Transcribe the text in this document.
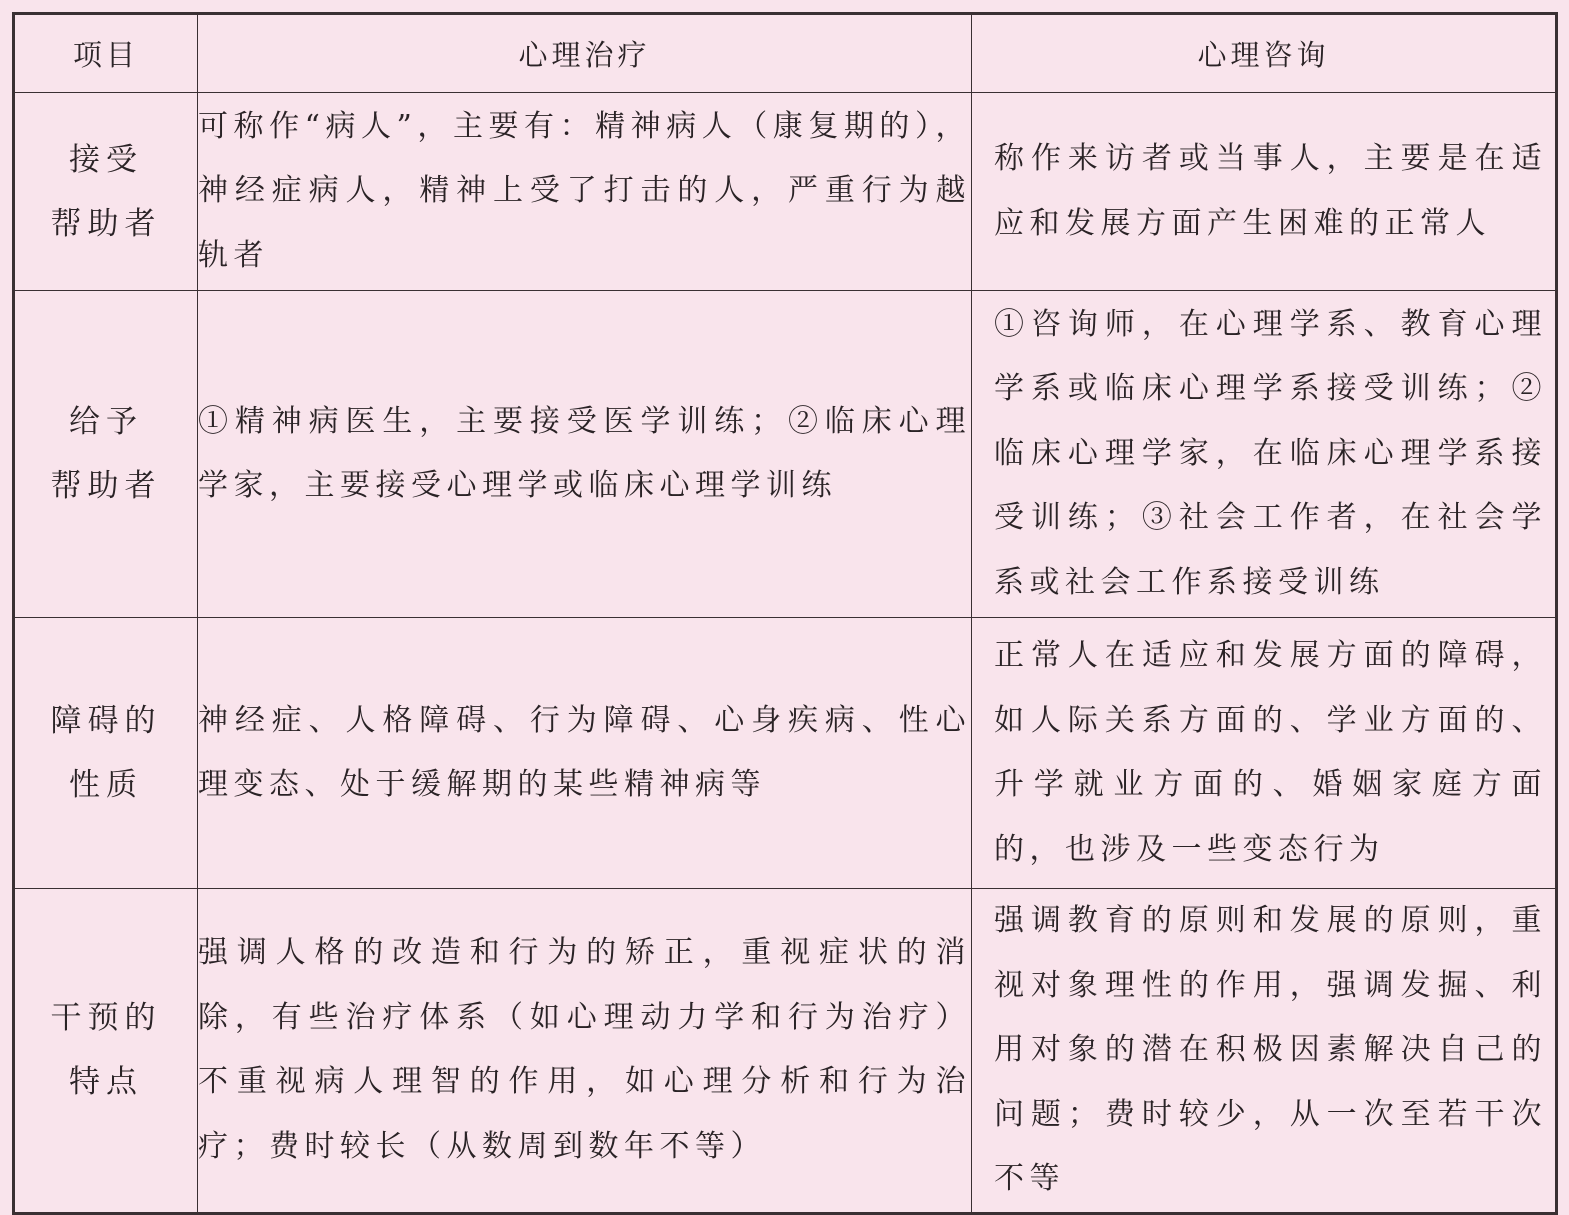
项目	心理治疗	心理咨询

接受
帮助者	可称作“病人”，主要有：精神病人（康复期的），神经症病人，精神上受了打击的人，严重行为越轨者	称作来访者或当事人，主要是在适应和发展方面产生困难的正常人

给予
帮助者	①精神病医生，主要接受医学训练；②临床心理学家，主要接受心理学或临床心理学训练	①咨询师，在心理学系、教育心理学系或临床心理学系接受训练；②临床心理学家，在临床心理学系接受训练；③社会工作者，在社会学系或社会工作系接受训练

障碍的
性质	神经症、人格障碍、行为障碍、心身疾病、性心理变态、处于缓解期的某些精神病等	正常人在适应和发展方面的障碍，如人际关系方面的、学业方面的、升学就业方面的、婚姻家庭方面的，也涉及一些变态行为

干预的
特点	强调人格的改造和行为的矫正，重视症状的消除，有些治疗体系（如心理动力学和行为治疗）不重视病人理智的作用，如心理分析和行为治疗；费时较长（从数周到数年不等）	强调教育的原则和发展的原则，重视对象理性的作用，强调发掘、利用对象的潜在积极因素解决自己的问题；费时较少，从一次至若干次不等
